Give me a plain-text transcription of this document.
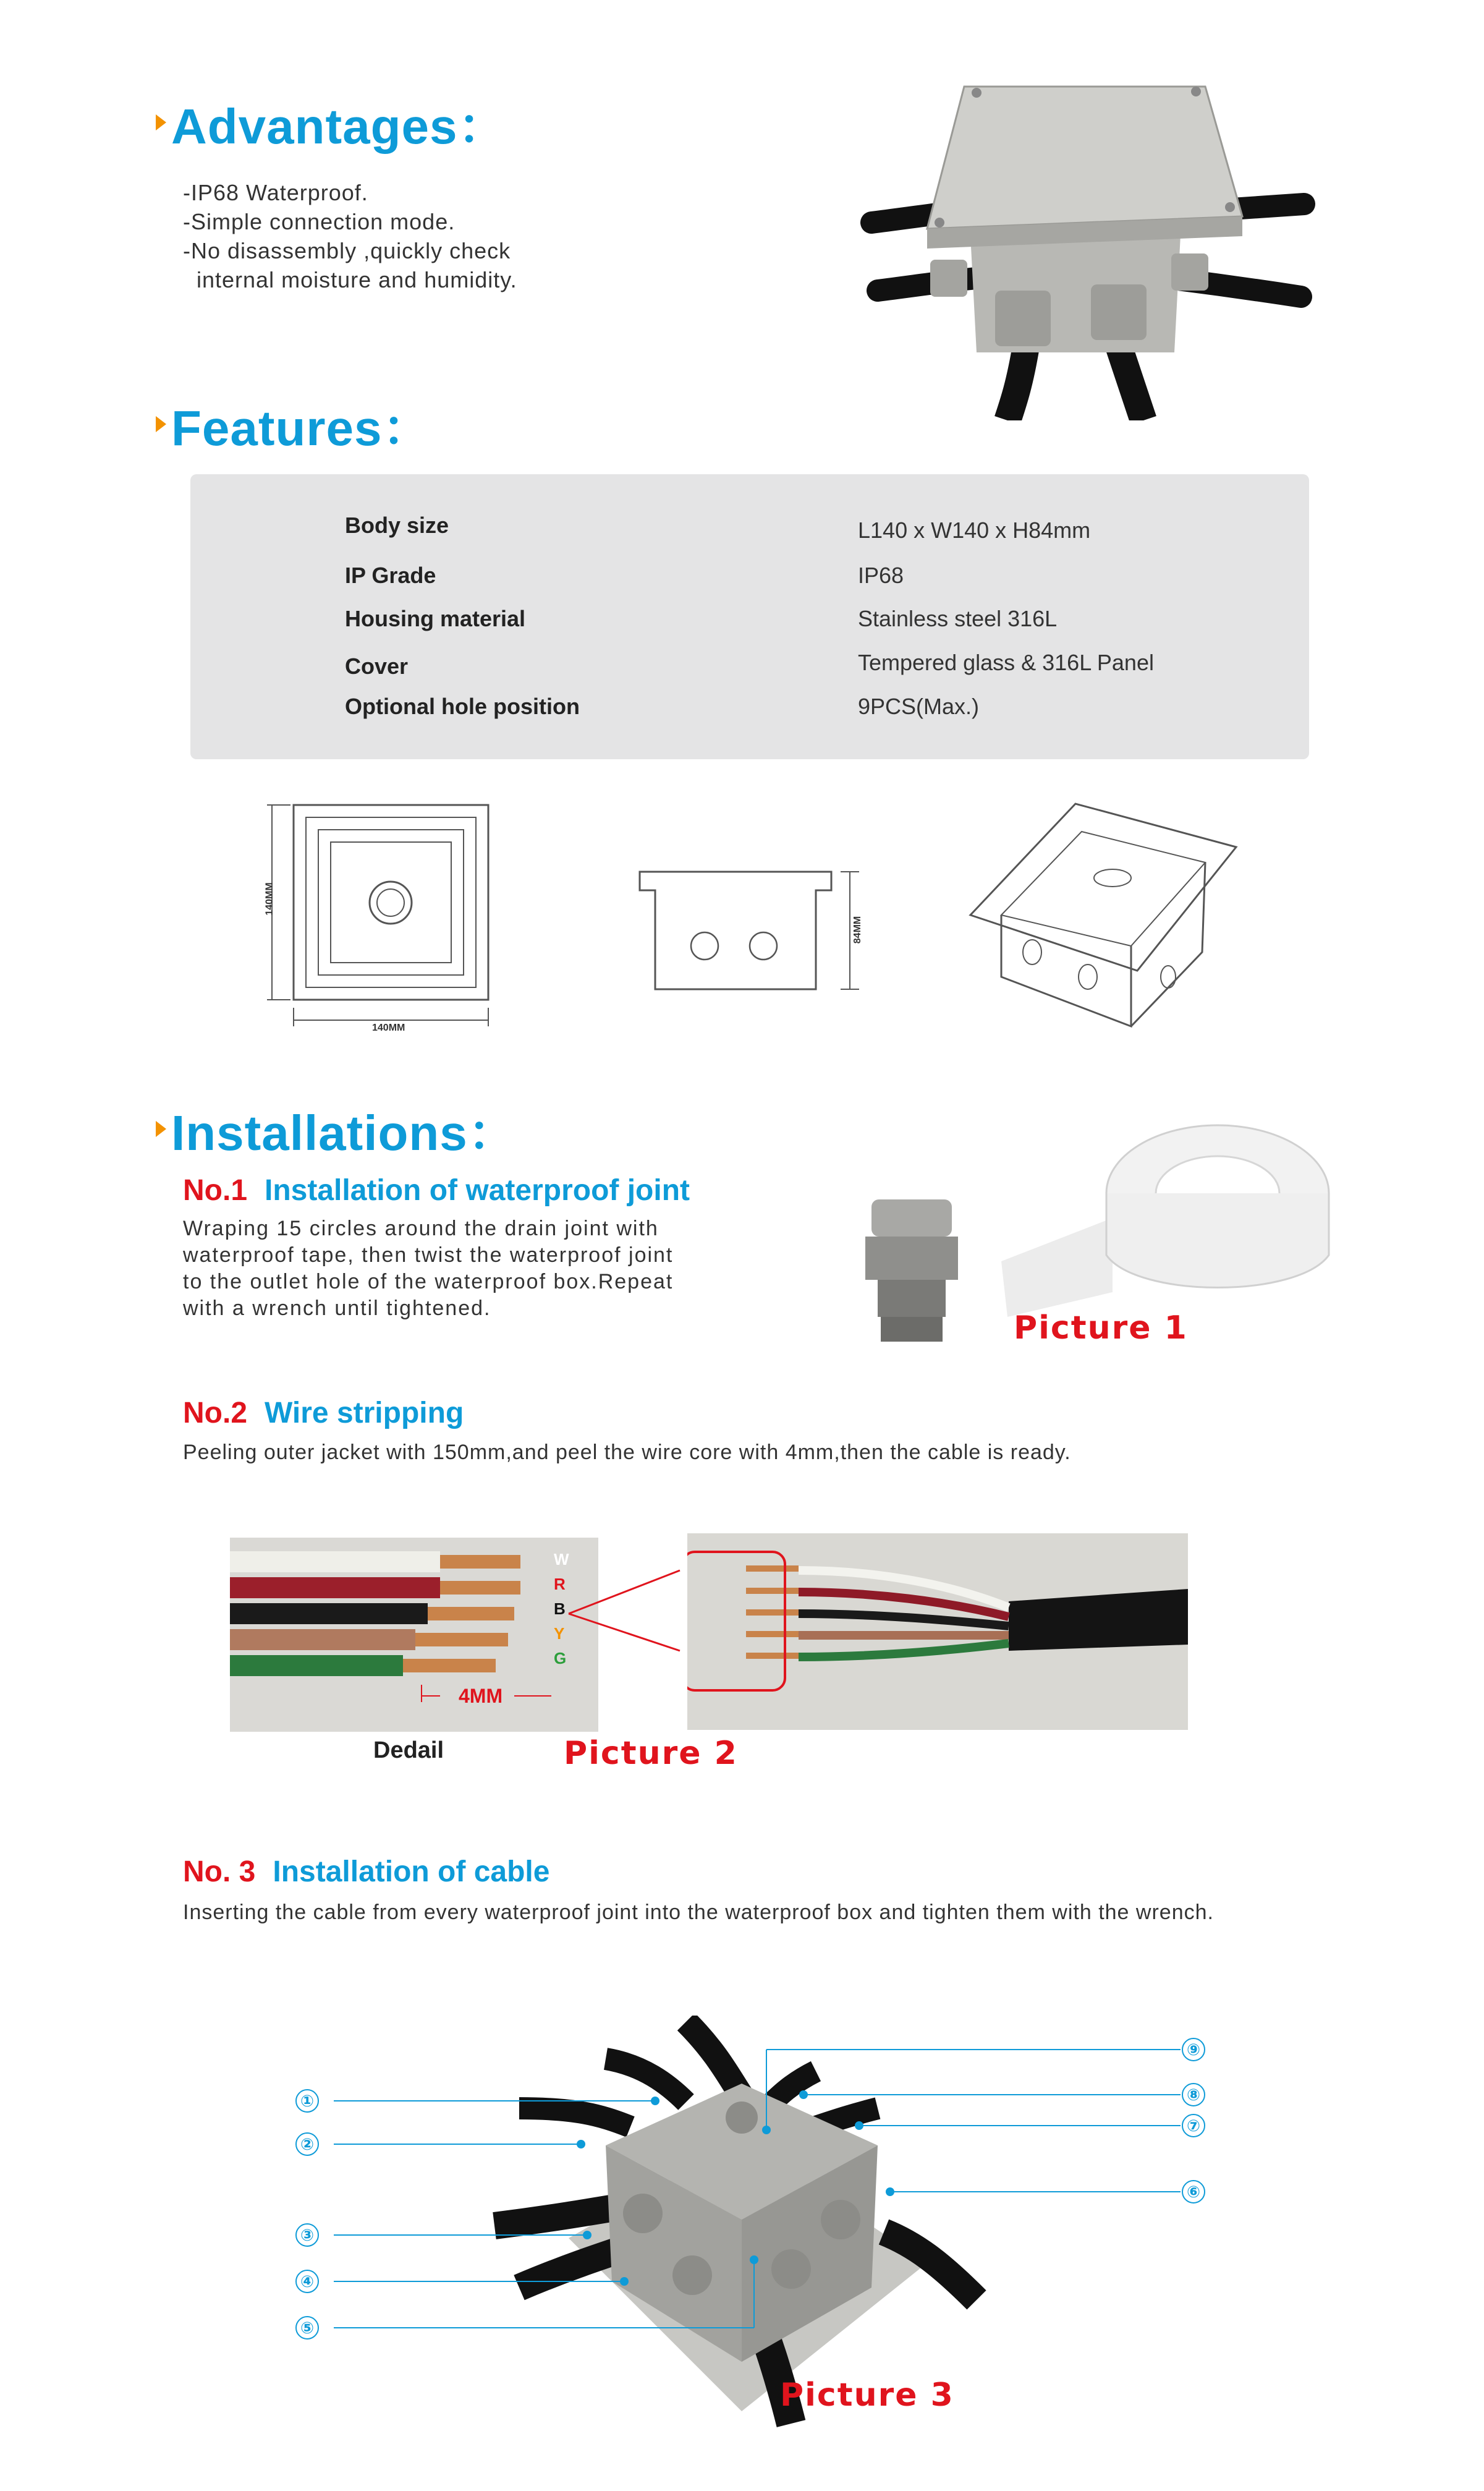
Advantages：
-IP68 Waterproof.
-Simple connection mode.
-No disassembly ,quickly check
internal moisture and humidity.
Features：
Body size	L140 x W140 x H84mm
IP Grade	IP68
Housing material	Stainless steel 316L
Cover	Tempered glass & 316L Panel
Optional hole position	9PCS(Max.)
140MM
140MM
84MM
Installations：
No.1 Installation of waterproof joint
Wraping 15 circles around the drain joint with
waterproof tape, then twist the waterproof joint
to the outlet hole of the waterproof box.Repeat
with a wrench until tightened.
Picture 1
No.2 Wire stripping
Peeling outer jacket with 150mm,and peel the wire core with 4mm,then the cable is ready.
W
R
B
Y
G
4MM
Dedail	Picture 2
No. 3 Installation of cable
Inserting the cable from every waterproof joint into the waterproof box and tighten them with the wrench.
①
②
③
④
⑤
⑨
⑧
⑦
⑥
Picture 3
